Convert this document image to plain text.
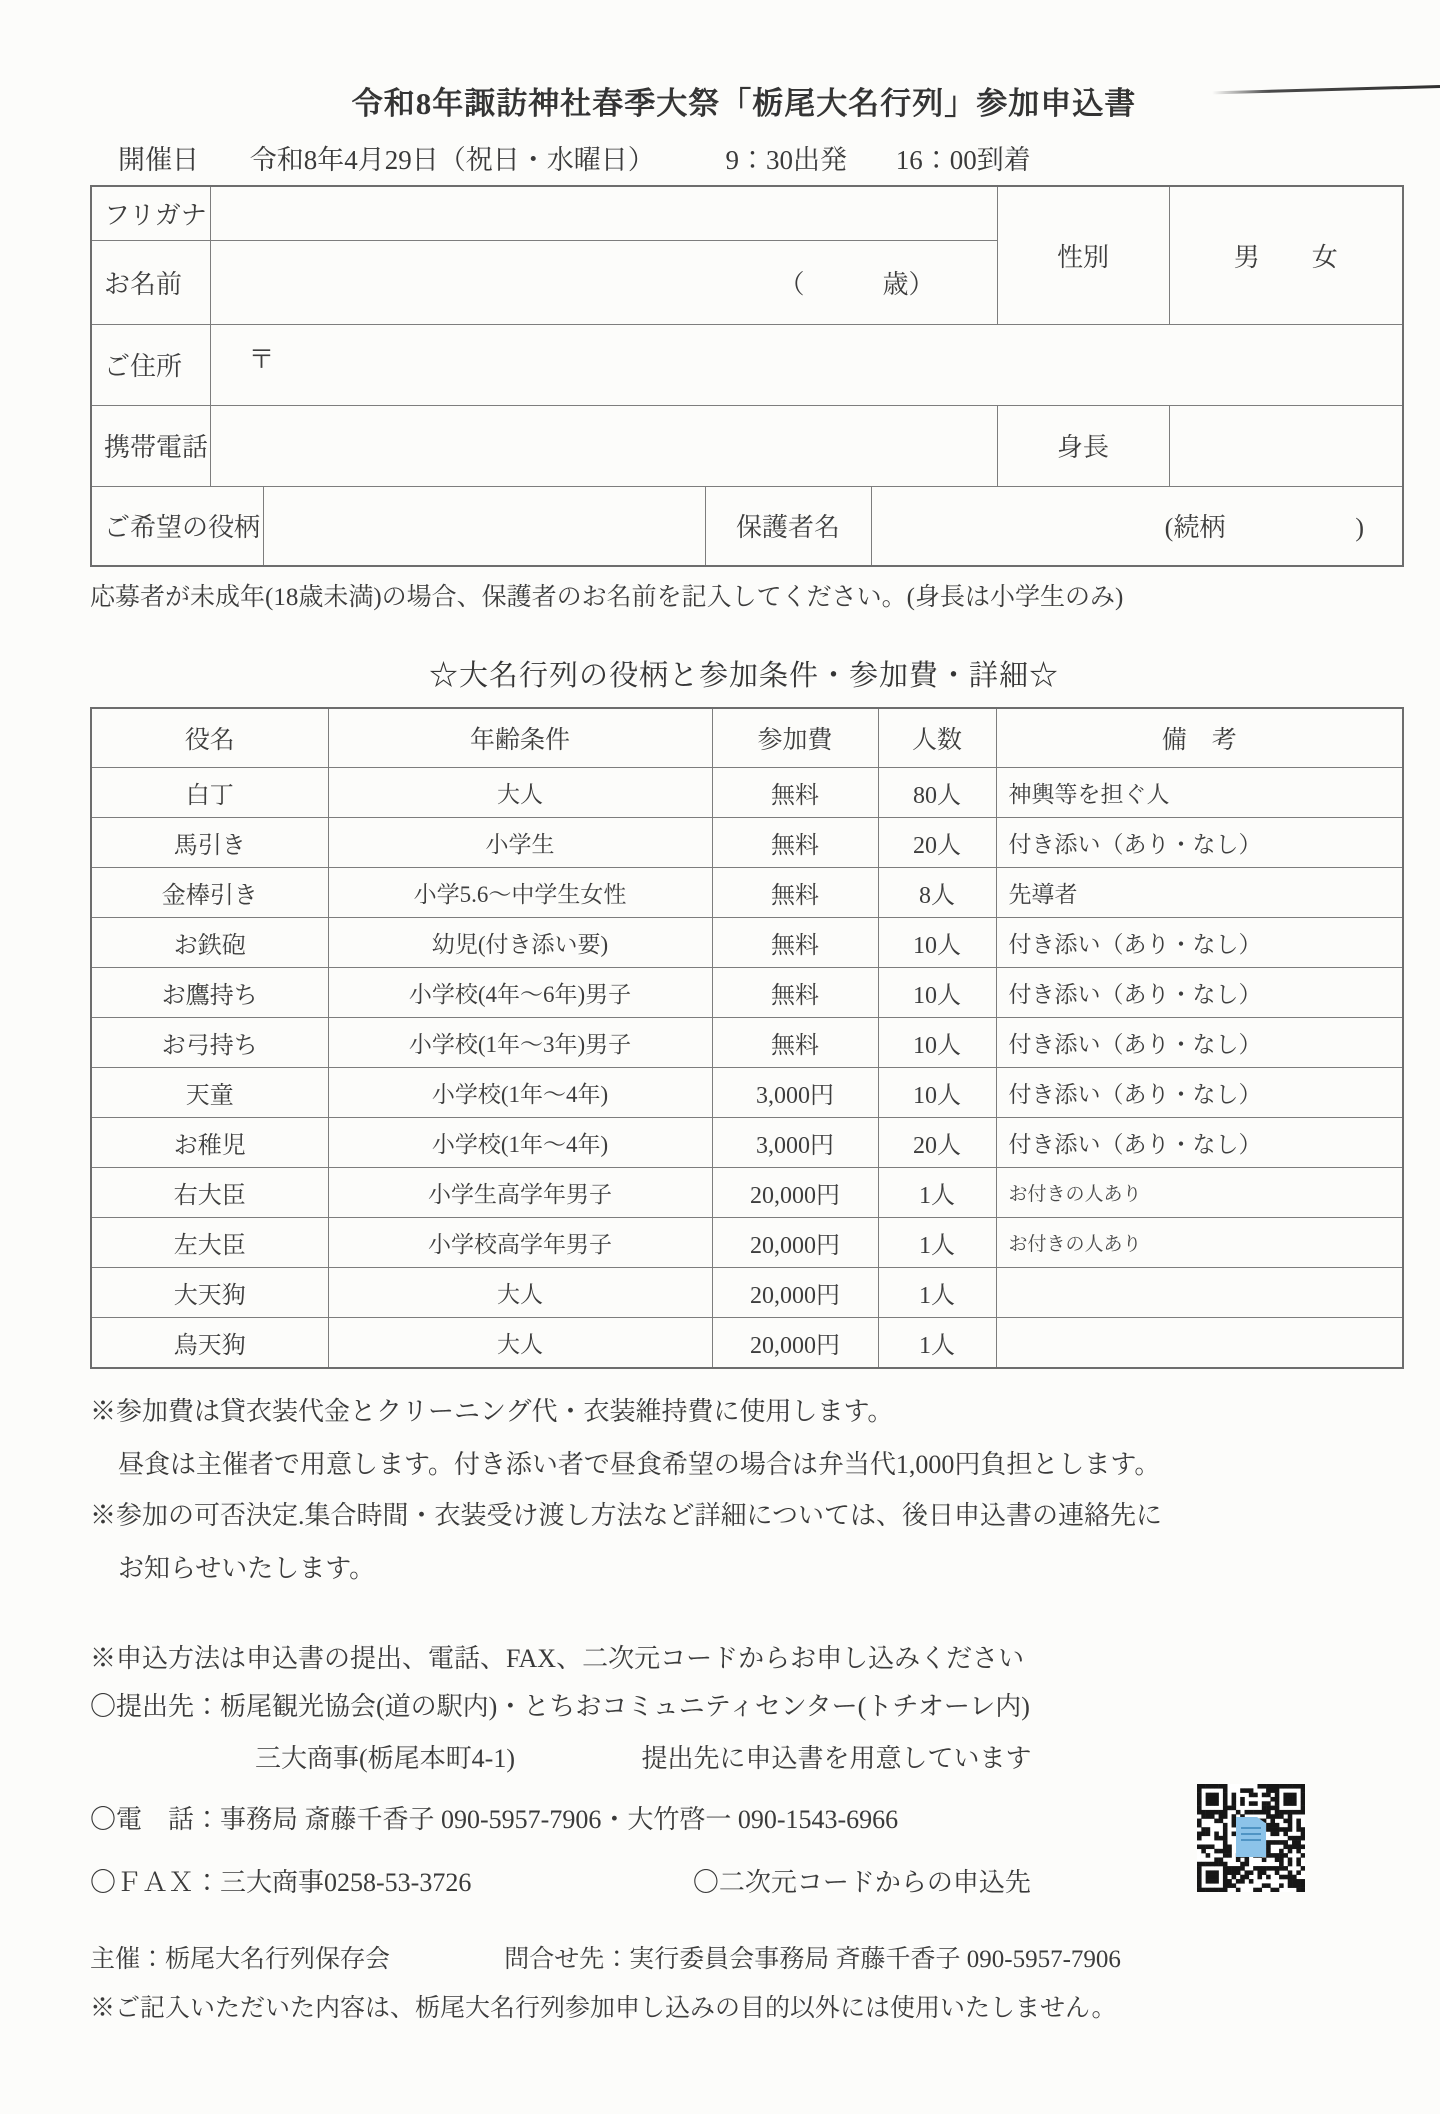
令和8年諏訪神社春季大祭「栃尾大名行列」参加申込書
開催日 令和8年4月29日（祝日・水曜日）	9：30出発 16：00到着
フリガナ					性別	男　　女
お名前	（　　　歳）					
ご住所	〒					
携帯電話					身長	
ご希望の役柄			保護者名	(続柄　　　　　)		
応募者が未成年(18歳未満)の場合、保護者のお名前を記入してください。(身長は小学生のみ)
☆大名行列の役柄と参加条件・参加費・詳細☆
役名	年齢条件	参加費	人数	備　考
白丁	大人	無料	80人	神輿等を担ぐ人
馬引き	小学生	無料	20人	付き添い（あり・なし）
金棒引き	小学5.6～中学生女性	無料	8人	先導者
お鉄砲	幼児(付き添い要)	無料	10人	付き添い（あり・なし）
お鷹持ち	小学校(4年～6年)男子	無料	10人	付き添い（あり・なし）
お弓持ち	小学校(1年～3年)男子	無料	10人	付き添い（あり・なし）
天童	小学校(1年～4年)	3,000円	10人	付き添い（あり・なし）
お稚児	小学校(1年～4年)	3,000円	20人	付き添い（あり・なし）
右大臣	小学生高学年男子	20,000円	1人	お付きの人あり
左大臣	小学校高学年男子	20,000円	1人	お付きの人あり
大天狗	大人	20,000円	1人	
烏天狗	大人	20,000円	1人	
※参加費は貸衣装代金とクリーニング代・衣装維持費に使用します。
昼食は主催者で用意します。付き添い者で昼食希望の場合は弁当代1,000円負担とします。
※参加の可否決定.集合時間・衣装受け渡し方法など詳細については、後日申込書の連絡先に
お知らせいたします。
※申込方法は申込書の提出、電話、FAX、二次元コードからお申し込みください
〇提出先：栃尾観光協会(道の駅内)・とちおコミュニティセンター(トチオーレ内)
三大商事(栃尾本町4-1)	提出先に申込書を用意しています
〇電　話：事務局 斎藤千香子 090-5957-7906・大竹啓一 090-1543-6966
〇ＦＡＸ：三大商事0258-53-3726	〇二次元コードからの申込先
主催：栃尾大名行列保存会	問合せ先：実行委員会事務局 斉藤千香子 090-5957-7906
※ご記入いただいた内容は、栃尾大名行列参加申し込みの目的以外には使用いたしません。
